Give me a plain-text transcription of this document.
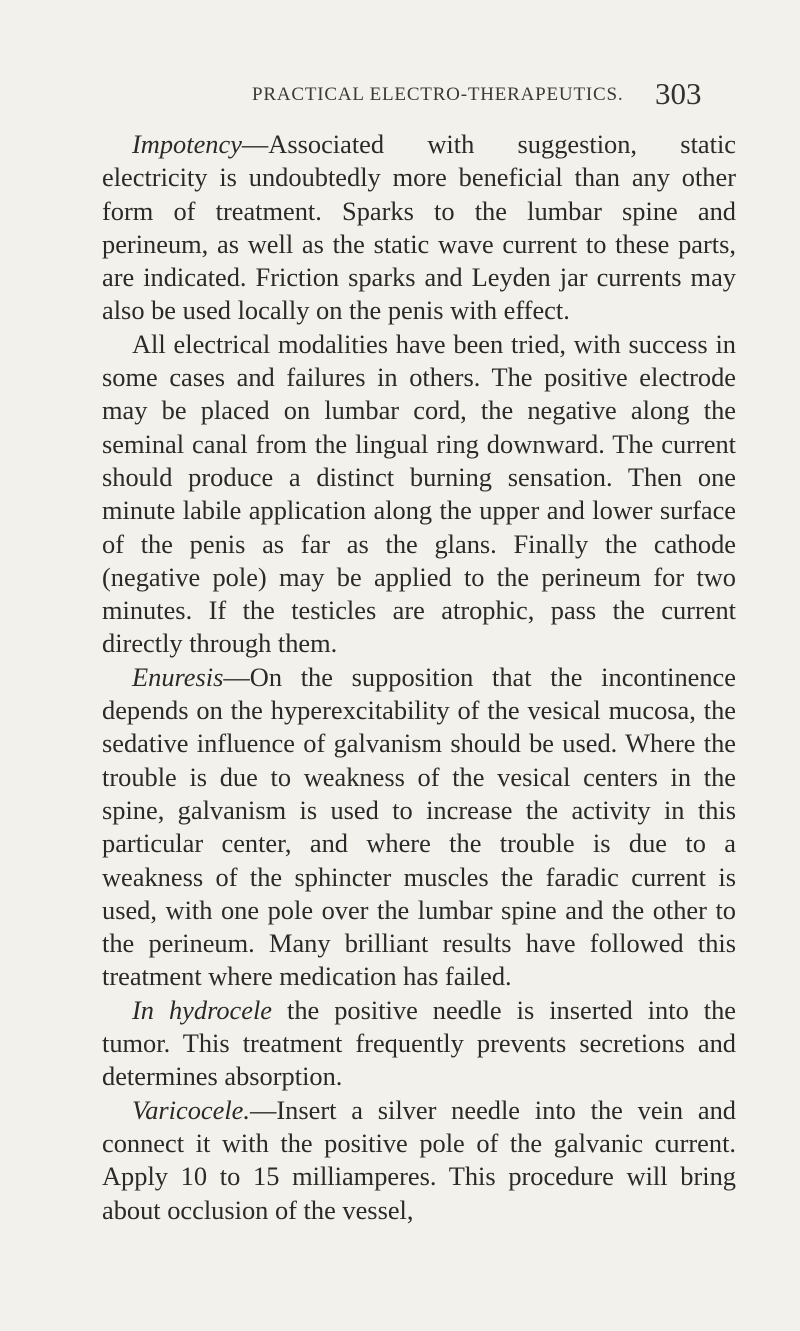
PRACTICAL ELECTRO-THERAPEUTICS. 303

Impotency—Associated with suggestion, static electricity is undoubtedly more beneficial than any other form of treatment. Sparks to the lumbar spine and perineum, as well as the static wave current to these parts, are indicated. Friction sparks and Leyden jar currents may also be used locally on the penis with effect.

All electrical modalities have been tried, with success in some cases and failures in others. The positive electrode may be placed on lumbar cord, the negative along the seminal canal from the lingual ring downward. The current should produce a distinct burning sensation. Then one minute labile application along the upper and lower surface of the penis as far as the glans. Finally the cathode (negative pole) may be applied to the perineum for two minutes. If the testicles are atrophic, pass the current directly through them.

Enuresis—On the supposition that the incontinence depends on the hyperexcitability of the vesical mucosa, the sedative influence of galvanism should be used. Where the trouble is due to weakness of the vesical centers in the spine, galvanism is used to increase the activity in this particular center, and where the trouble is due to a weakness of the sphincter muscles the faradic current is used, with one pole over the lumbar spine and the other to the perineum. Many brilliant results have followed this treatment where medication has failed.

In hydrocele the positive needle is inserted into the tumor. This treatment frequently prevents secretions and determines absorption.

Varicocele.—Insert a silver needle into the vein and connect it with the positive pole of the galvanic current. Apply 10 to 15 milliamperes. This procedure will bring about occlusion of the vessel,
